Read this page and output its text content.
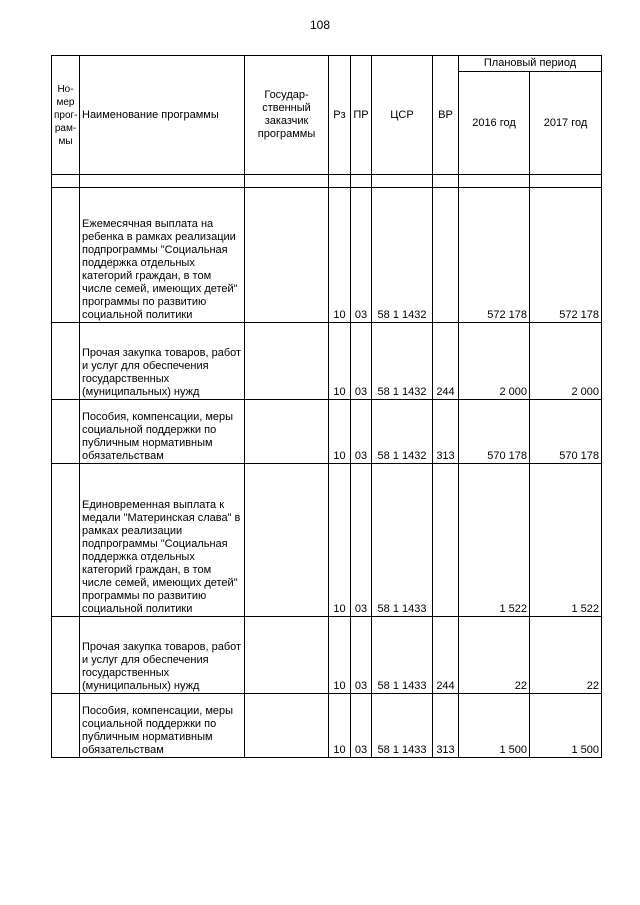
108
Но-мер прог-рам-мы	Наименование программы	Государ-ственный заказчик программы	Рз	ПР	ЦСР	ВР	Плановый период	
							2016 год	2017 год

	Ежемесячная выплата на ребенка в рамках реализации подпрограммы "Социальная поддержка отдельных категорий граждан, в том числе семей, имеющих детей" программы по развитию социальной политики		10	03	58 1 1432		572 178	572 178
	Прочая закупка товаров, работ и услуг для обеспечения государственных (муниципальных) нужд		10	03	58 1 1432	244	2 000	2 000
	Пособия, компенсации, меры социальной поддержки по публичным нормативным обязательствам		10	03	58 1 1432	313	570 178	570 178
	Единовременная выплата к медали "Материнская слава" в рамках реализации подпрограммы "Социальная поддержка отдельных категорий граждан, в том числе семей, имеющих детей" программы по развитию социальной политики		10	03	58 1 1433		1 522	1 522
	Прочая закупка товаров, работ и услуг для обеспечения государственных (муниципальных) нужд		10	03	58 1 1433	244	22	22
	Пособия, компенсации, меры социальной поддержки по публичным нормативным обязательствам		10	03	58 1 1433	313	1 500	1 500
